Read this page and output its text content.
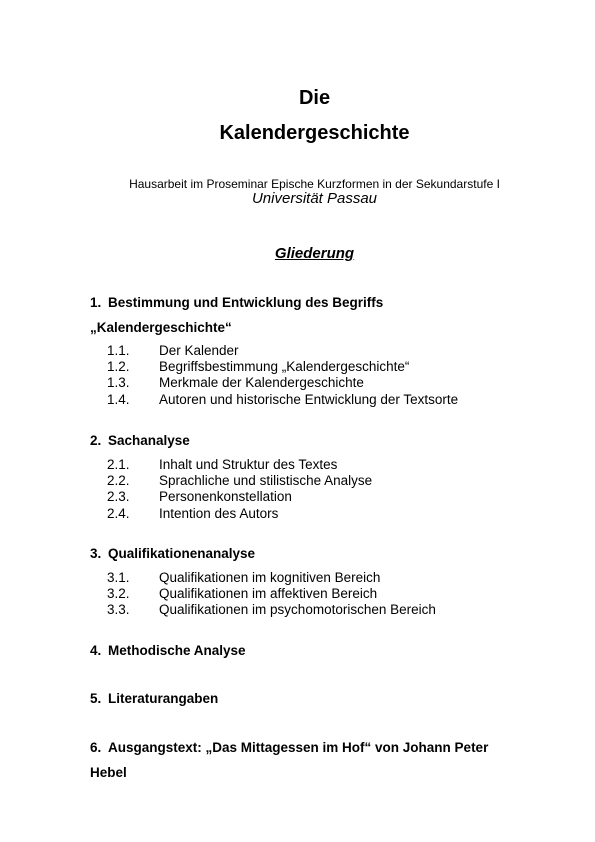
Die
Kalendergeschichte

Hausarbeit im Proseminar Epische Kurzformen in der Sekundarstufe I

Universität Passau

Gliederung
1. Bestimmung und Entwicklung des Begriffs
„Kalendergeschichte“
1.1.	Der Kalender
1.2.	Begriffsbestimmung „Kalendergeschichte“
1.3.	Merkmale der Kalendergeschichte
1.4.	Autoren und historische Entwicklung der Textsorte
2. Sachanalyse
2.1.	Inhalt und Struktur des Textes
2.2.	Sprachliche und stilistische Analyse
2.3.	Personenkonstellation
2.4.	Intention des Autors
3. Qualifikationenanalyse
3.1.	Qualifikationen im kognitiven Bereich
3.2.	Qualifikationen im affektiven Bereich
3.3.	Qualifikationen im psychomotorischen Bereich
4. Methodische Analyse
5. Literaturangaben
6. Ausgangstext: „Das Mittagessen im Hof“ von Johann Peter
Hebel
